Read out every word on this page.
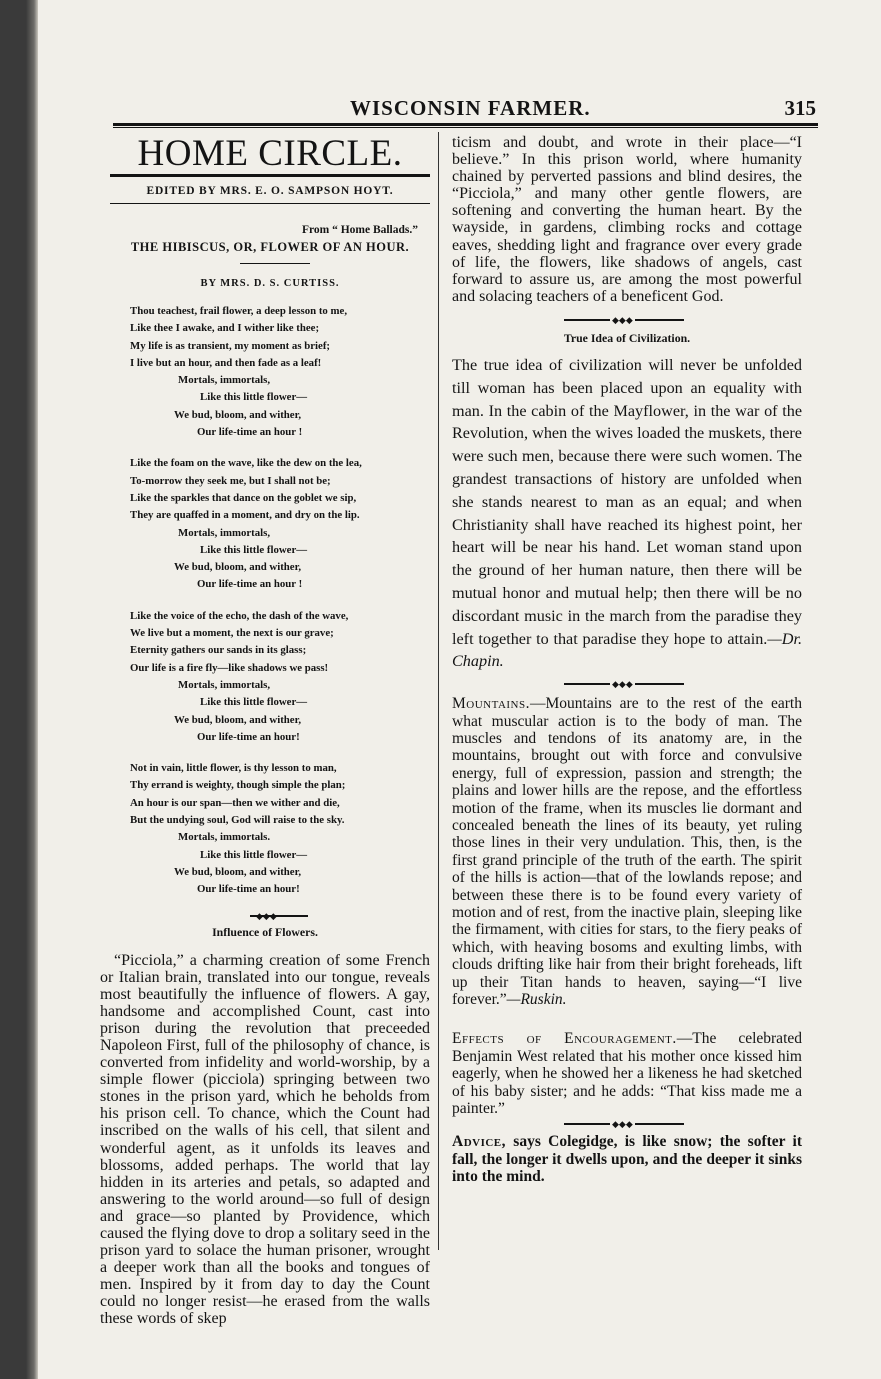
WISCONSIN FARMER.	315
HOME CIRCLE.
EDITED BY MRS. E. O. SAMPSON HOYT.
From “ Home Ballads.”
THE HIBISCUS, OR, FLOWER OF AN HOUR.
BY MRS. D. S. CURTISS.
Thou teachest, frail flower, a deep lesson to me,
Like thee I awake, and I wither like thee;
My life is as transient, my moment as brief;
I live but an hour, and then fade as a leaf!
Mortals, immortals,
Like this little flower—
We bud, bloom, and wither,
Our life-time an hour !
Like the foam on the wave, like the dew on the lea,
To-morrow they seek me, but I shall not be;
Like the sparkles that dance on the goblet we sip,
They are quaffed in a moment, and dry on the lip.
Mortals, immortals,
Like this little flower—
We bud, bloom, and wither,
Our life-time an hour !
Like the voice of the echo, the dash of the wave,
We live but a moment, the next is our grave;
Eternity gathers our sands in its glass;
Our life is a fire fly—like shadows we pass!
Mortals, immortals,
Like this little flower—
We bud, bloom, and wither,
Our life-time an hour!
Not in vain, little flower, is thy lesson to man,
Thy errand is weighty, though simple the plan;
An hour is our span—then we wither and die,
But the undying soul, God will raise to the sky.
Mortals, immortals.
Like this little flower—
We bud, bloom, and wither,
Our life-time an hour!
◆◆◆
Influence of Flowers.

“Picciola,” a charming creation of some French or Italian brain, translated into our tongue, reveals most beautifully the influence of flowers. A gay, handsome and accomplished Count, cast into prison during the revolution that preceeded Napoleon First, full of the philosophy of chance, is converted from infidelity and world-worship, by a simple flower (picciola) springing between two stones in the prison yard, which he beholds from his prison cell. To chance, which the Count had inscribed on the walls of his cell, that silent and wonderful agent, as it unfolds its leaves and blossoms, added perhaps. The world that lay hidden in its arteries and petals, so adapted and answering to the world around—so full of design and grace—so planted by Providence, which caused the flying dove to drop a solitary seed in the prison yard to solace the human prisoner, wrought a deeper work than all the books and tongues of men. Inspired by it from day to day the Count could no longer resist—he erased from the walls these words of skep

ticism and doubt, and wrote in their place—“I believe.” In this prison world, where humanity chained by perverted passions and blind desires, the “Picciola,” and many other gentle flowers, are softening and converting the human heart. By the wayside, in gardens, climbing rocks and cottage eaves, shedding light and fragrance over every grade of life, the flowers, like shadows of angels, cast forward to assure us, are among the most powerful and solacing teachers of a beneficent God.

◆◆◆
True Idea of Civilization.

The true idea of civilization will never be unfolded till woman has been placed upon an equality with man. In the cabin of the Mayflower, in the war of the Revolution, when the wives loaded the muskets, there were such men, because there were such women. The grandest transactions of history are unfolded when she stands nearest to man as an equal; and when Christianity shall have reached its highest point, her heart will be near his hand. Let woman stand upon the ground of her human nature, then there will be mutual honor and mutual help; then there will be no discordant music in the march from the paradise they left together to that paradise they hope to attain.—Dr. Chapin.

◆◆◆

Mountains.—Mountains are to the rest of the earth what muscular action is to the body of man. The muscles and tendons of its anatomy are, in the mountains, brought out with force and convulsive energy, full of expression, passion and strength; the plains and lower hills are the repose, and the effortless motion of the frame, when its muscles lie dormant and concealed beneath the lines of its beauty, yet ruling those lines in their very undulation. This, then, is the first grand principle of the truth of the earth. The spirit of the hills is action—that of the lowlands repose; and between these there is to be found every variety of motion and of rest, from the inactive plain, sleeping like the firmament, with cities for stars, to the fiery peaks of which, with heaving bosoms and exulting limbs, with clouds drifting like hair from their bright foreheads, lift up their Titan hands to heaven, saying—“I live forever.”—Ruskin.

Effects of Encouragement.—The celebrated Benjamin West related that his mother once kissed him eagerly, when he showed her a likeness he had sketched of his baby sister; and he adds: “That kiss made me a painter.”

◆◆◆

Advice, says Colegidge, is like snow; the softer it fall, the longer it dwells upon, and the deeper it sinks into the mind.
